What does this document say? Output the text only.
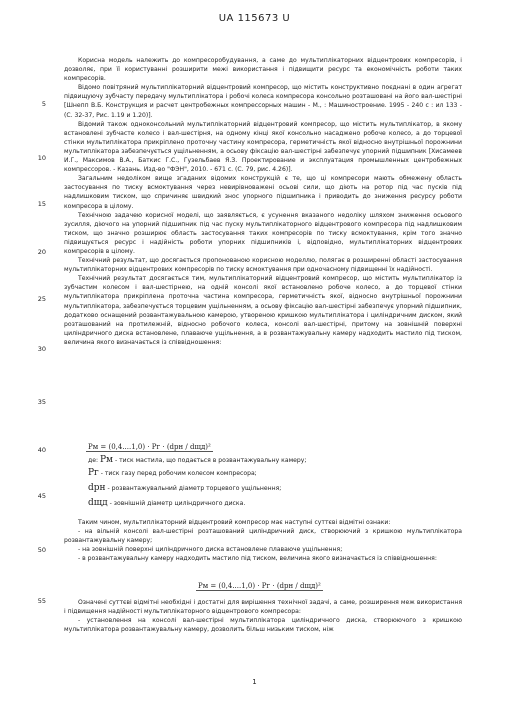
UA 115673 U
5
10
15
20
25
30
35
40
45
50
55

Корисна модель належить до компресоробудування, а саме до мультиплікаторних відцентрових компресорів, і дозволяє, при її користуванні розширити межі використання і підвищити ресурс та економічність роботи таких компресорів.

Відомо повітряний мультиплікаторний відцентровий компресор, що містить конструктивно поєднані в один агрегат підвищуючу зубчасту передачу мультиплікатора і робочі колеса компресора консольно розташовані на його вал-шестірні [Шнепп В.Б. Конструкция и расчет центробежных компрессорных машин - М., : Машиностроение. 1995 - 240 с : ил 133 - (С. 32-37, Рис. 1.19 и 1.20)].

Відомий також одноконсольний мультиплікаторний відцентровий компресор, що містить мультиплікатор, в якому встановлені зубчасте колесо і вал-шестірня, на одному кінці якої консольно насаджено робоче колесо, а до торцевої стінки мультиплікатора прикріплено проточну частину компресора, герметичність якої відносно внутрішньої порожнини мультиплікатора забезпечується ущільненням, а осьову фіксацію вал-шестірні забезпечує упорний підшипник [Хисамеев И.Г., Максимов В.А., Баткис Г.С., Гузельбаев Я.З. Проектирование и эксплуатация промышленных центробежных компрессоров. - Казань. Изд-во "ФЭН", 2010. - 671 с. (С. 79, рис. 4.26)].

Загальним недоліком вище згаданих відомих конструкцій є те, що ці компресори мають обмежену область застосування по тиску всмоктування через невирівноважені осьові сили, що діють на ротор під час пусків під надлишковим тиском, що спричиняє швидкий знос упорного підшипника і приводить до зниження ресурсу роботи компресора в цілому.

Технічною задачею корисної моделі, що заявляється, є усунення вказаного недоліку шляхом зниження осьового зусилля, діючого на упорний підшипник під час пуску мультиплікаторного відцентрового компресора під надлишковим тиском, що значно розширює область застосування таких компресорів по тиску всмоктування, крім того значно підвищується ресурс і надійність роботи упорних підшипників і, відповідно, мультиплікаторних відцентрових компресорів в цілому.

Технічний результат, що досягається пропонованою корисною моделлю, полягає в розширенні області застосування мультиплікаторних відцентрових компресорів по тиску всмоктування при одночасному підвищенні їх надійності.

Технічний результат досягається тим, мультиплікаторний відцентровий компресор, що містить мультиплікатор із зубчастим колесом і вал-шестірнею, на одній консолі якої встановлено робоче колесо, а до торцевої стінки мультиплікатора прикріплена проточна частина компресора, герметичність якої, відносно внутрішньої порожнини мультиплікатора, забезпечується торцевим ущільненням, а осьову фіксацію вал-шестірні забезпечує упорний підшипник, додатково оснащений розвантажувальною камерою, утвореною кришкою мультиплікатора і циліндричним диском, який розташований на протилежній, відносно робочого колеса, консолі вал-шестірні, притому на зовнішній поверхні циліндричного диска встановлене, плаваюче ущільнення, а в розвантажувальну камеру надходить мастило під тиском, величина якого визначається із співвідношення:

Pм = (0,4....1,0) · Pг · (dрн / dщд)²
де: Pм - тиск мастила, що подається в розвантажувальну камеру;
Pг - тиск газу перед робочим колесом компресора;
dрн - розвантажувальний діаметр торцевого ущільнення;
dщд - зовнішній діаметр циліндричного диска.

Таким чином, мультиплікаторний відцентровий компресор має наступні суттєві відмітні ознаки:

- на вільній консолі вал-шестірні розташований циліндричний диск, створюючий з кришкою мультиплікатора розвантажувальну камеру;

- на зовнішній поверхні циліндричного диска встановлене плаваюче ущільнення;

- в розвантажувальну камеру надходить мастило під тиском, величина якого визначається із співвідношення:

Pм = (0,4....1,0) · Pг · (dрн / dщд)²

Означені суттєві відмітні необхідні і достатні для вирішення технічної задачі, а саме, розширення меж використання і підвищення надійності мультиплікаторного відцентрового компресора:

- установлення на консолі вал-шестірні мультиплікатора циліндричного диска, створюючого з кришкою мультиплікатора розвантажувальну камеру, дозволить більш низьким тиском, ніж

1
